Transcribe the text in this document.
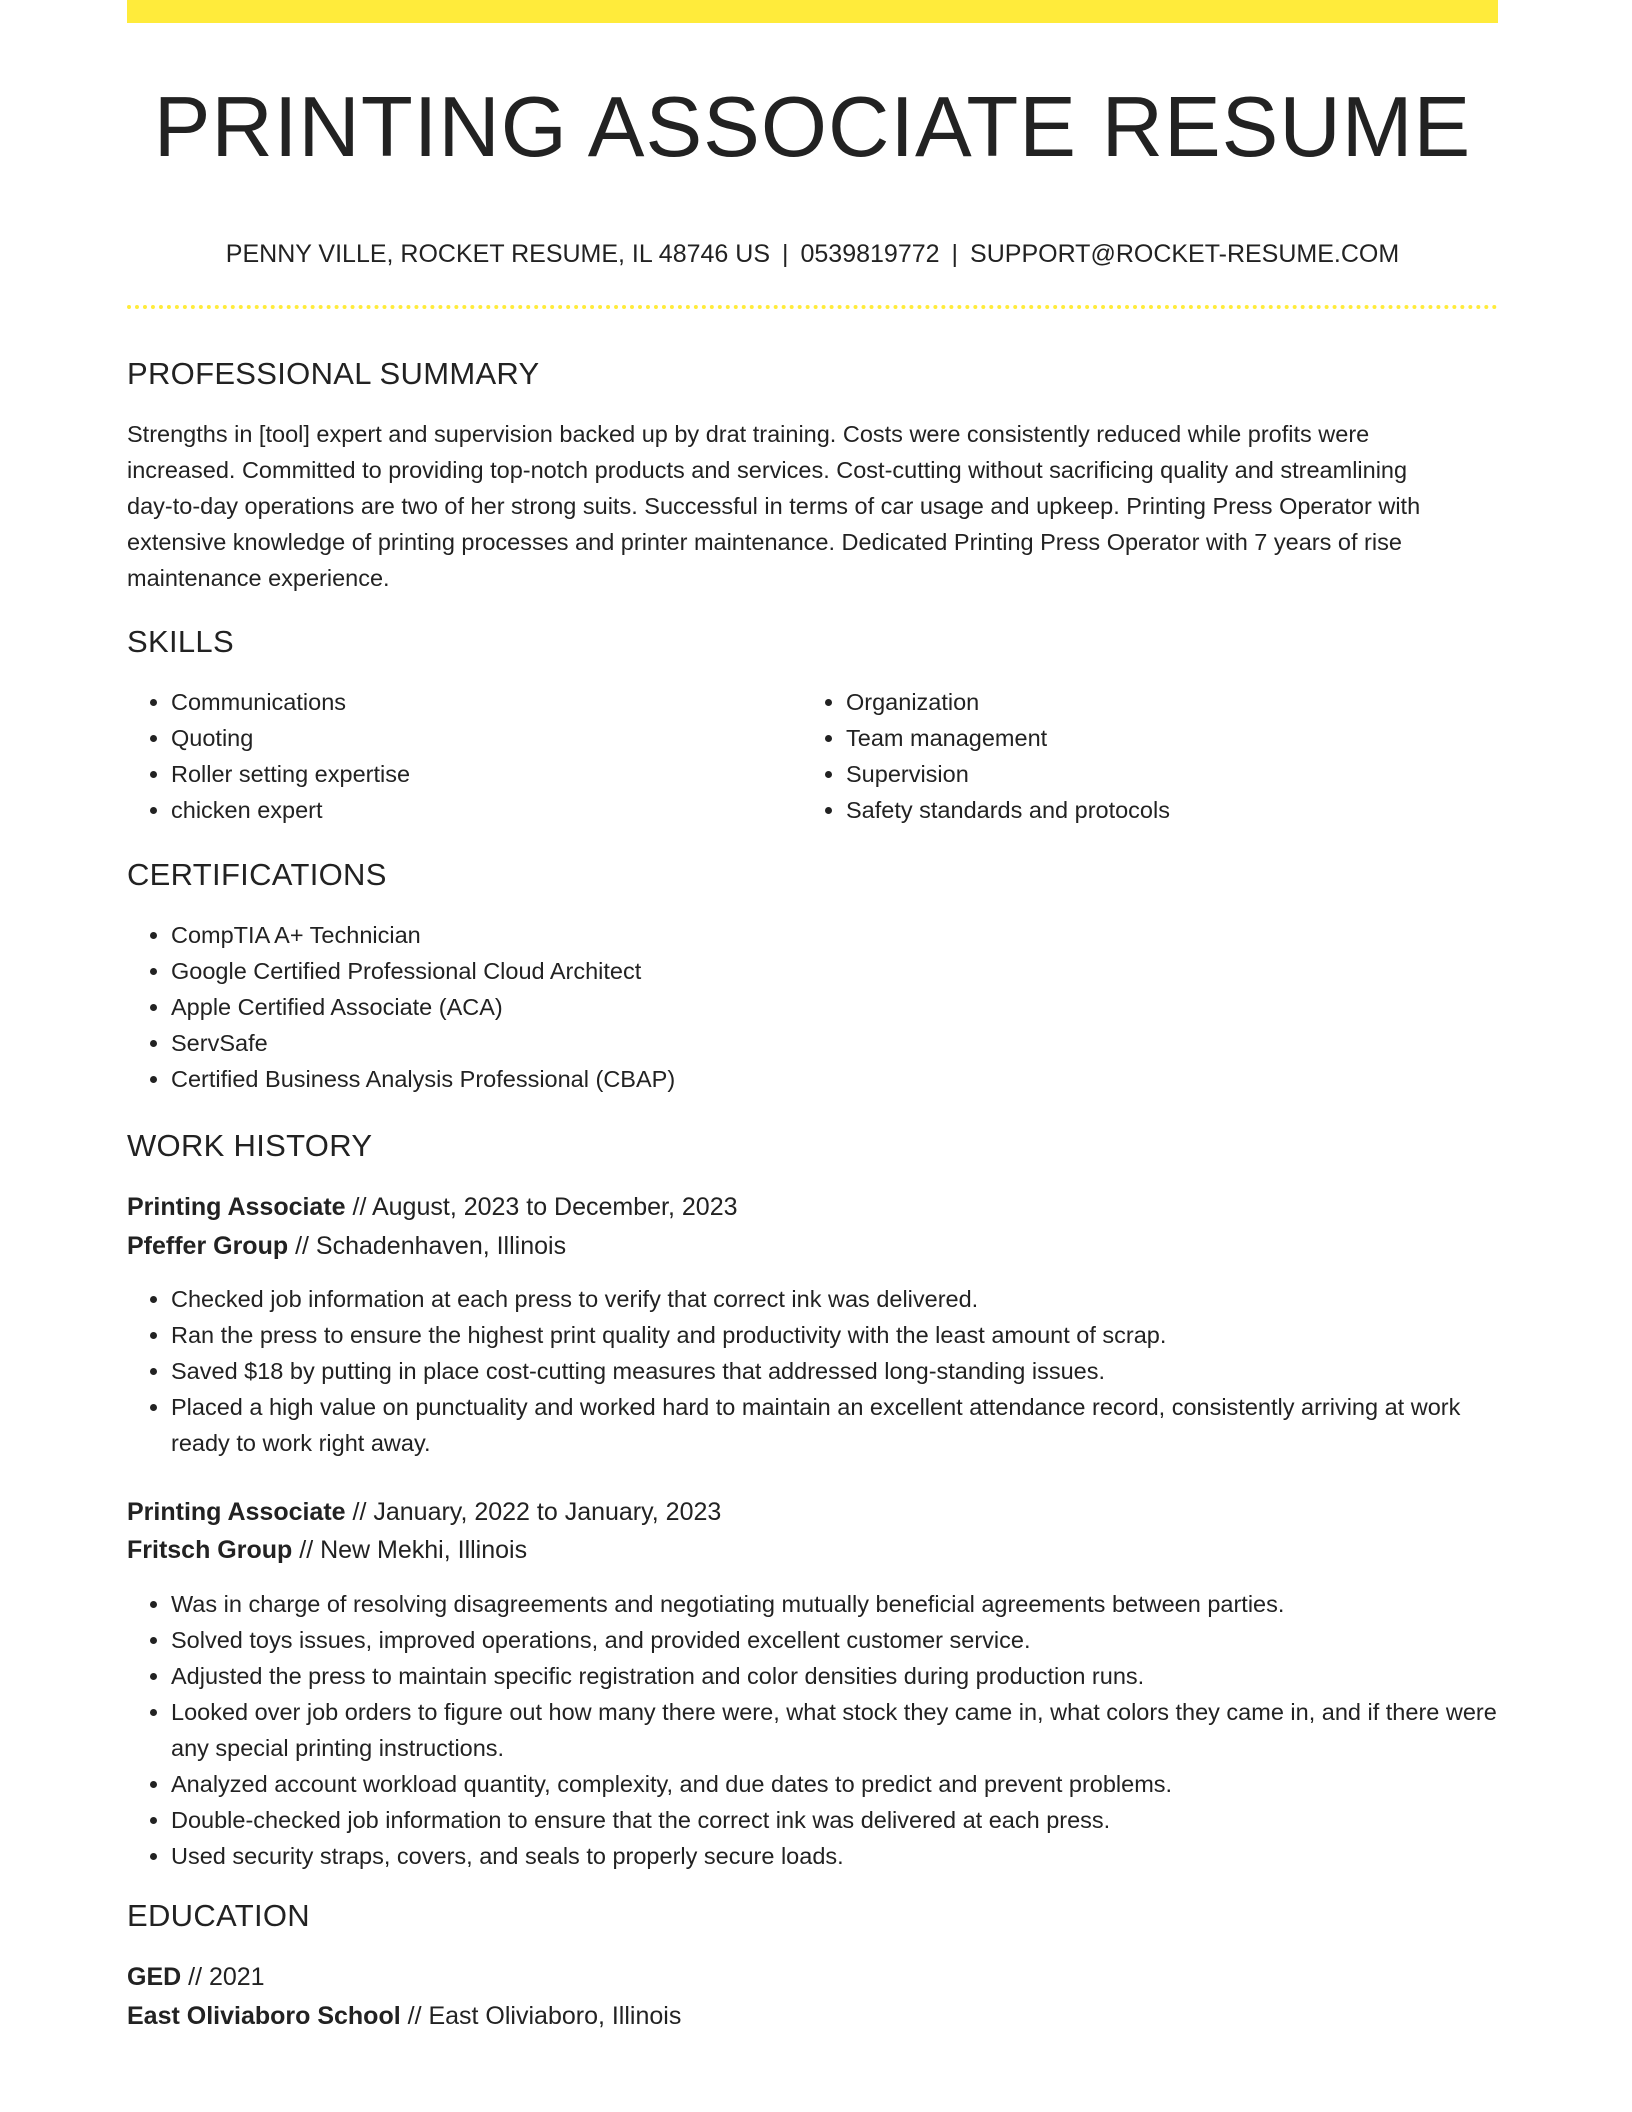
PRINTING ASSOCIATE RESUME
PENNY VILLE, ROCKET RESUME, IL 48746 US | 0539819772 | SUPPORT@ROCKET-RESUME.COM
PROFESSIONAL SUMMARY
Strengths in [tool] expert and supervision backed up by drat training. Costs were consistently reduced while profits were
increased. Committed to providing top-notch products and services. Cost-cutting without sacrificing quality and streamlining
day-to-day operations are two of her strong suits. Successful in terms of car usage and upkeep. Printing Press Operator with
extensive knowledge of printing processes and printer maintenance. Dedicated Printing Press Operator with 7 years of rise
maintenance experience.
SKILLS
• Communications
• Quoting
• Roller setting expertise
• chicken expert
• Organization
• Team management
• Supervision
• Safety standards and protocols
CERTIFICATIONS
• CompTIA A+ Technician
• Google Certified Professional Cloud Architect
• Apple Certified Associate (ACA)
• ServSafe
• Certified Business Analysis Professional (CBAP)
WORK HISTORY
Printing Associate // August, 2023 to December, 2023
Pfeffer Group // Schadenhaven, Illinois
• Checked job information at each press to verify that correct ink was delivered.
• Ran the press to ensure the highest print quality and productivity with the least amount of scrap.
• Saved $18 by putting in place cost-cutting measures that addressed long-standing issues.
• Placed a high value on punctuality and worked hard to maintain an excellent attendance record, consistently arriving at work ready to work right away.
Printing Associate // January, 2022 to January, 2023
Fritsch Group // New Mekhi, Illinois
• Was in charge of resolving disagreements and negotiating mutually beneficial agreements between parties.
• Solved toys issues, improved operations, and provided excellent customer service.
• Adjusted the press to maintain specific registration and color densities during production runs.
• Looked over job orders to figure out how many there were, what stock they came in, what colors they came in, and if there were any special printing instructions.
• Analyzed account workload quantity, complexity, and due dates to predict and prevent problems.
• Double-checked job information to ensure that the correct ink was delivered at each press.
• Used security straps, covers, and seals to properly secure loads.
EDUCATION
GED // 2021
East Oliviaboro School // East Oliviaboro, Illinois
